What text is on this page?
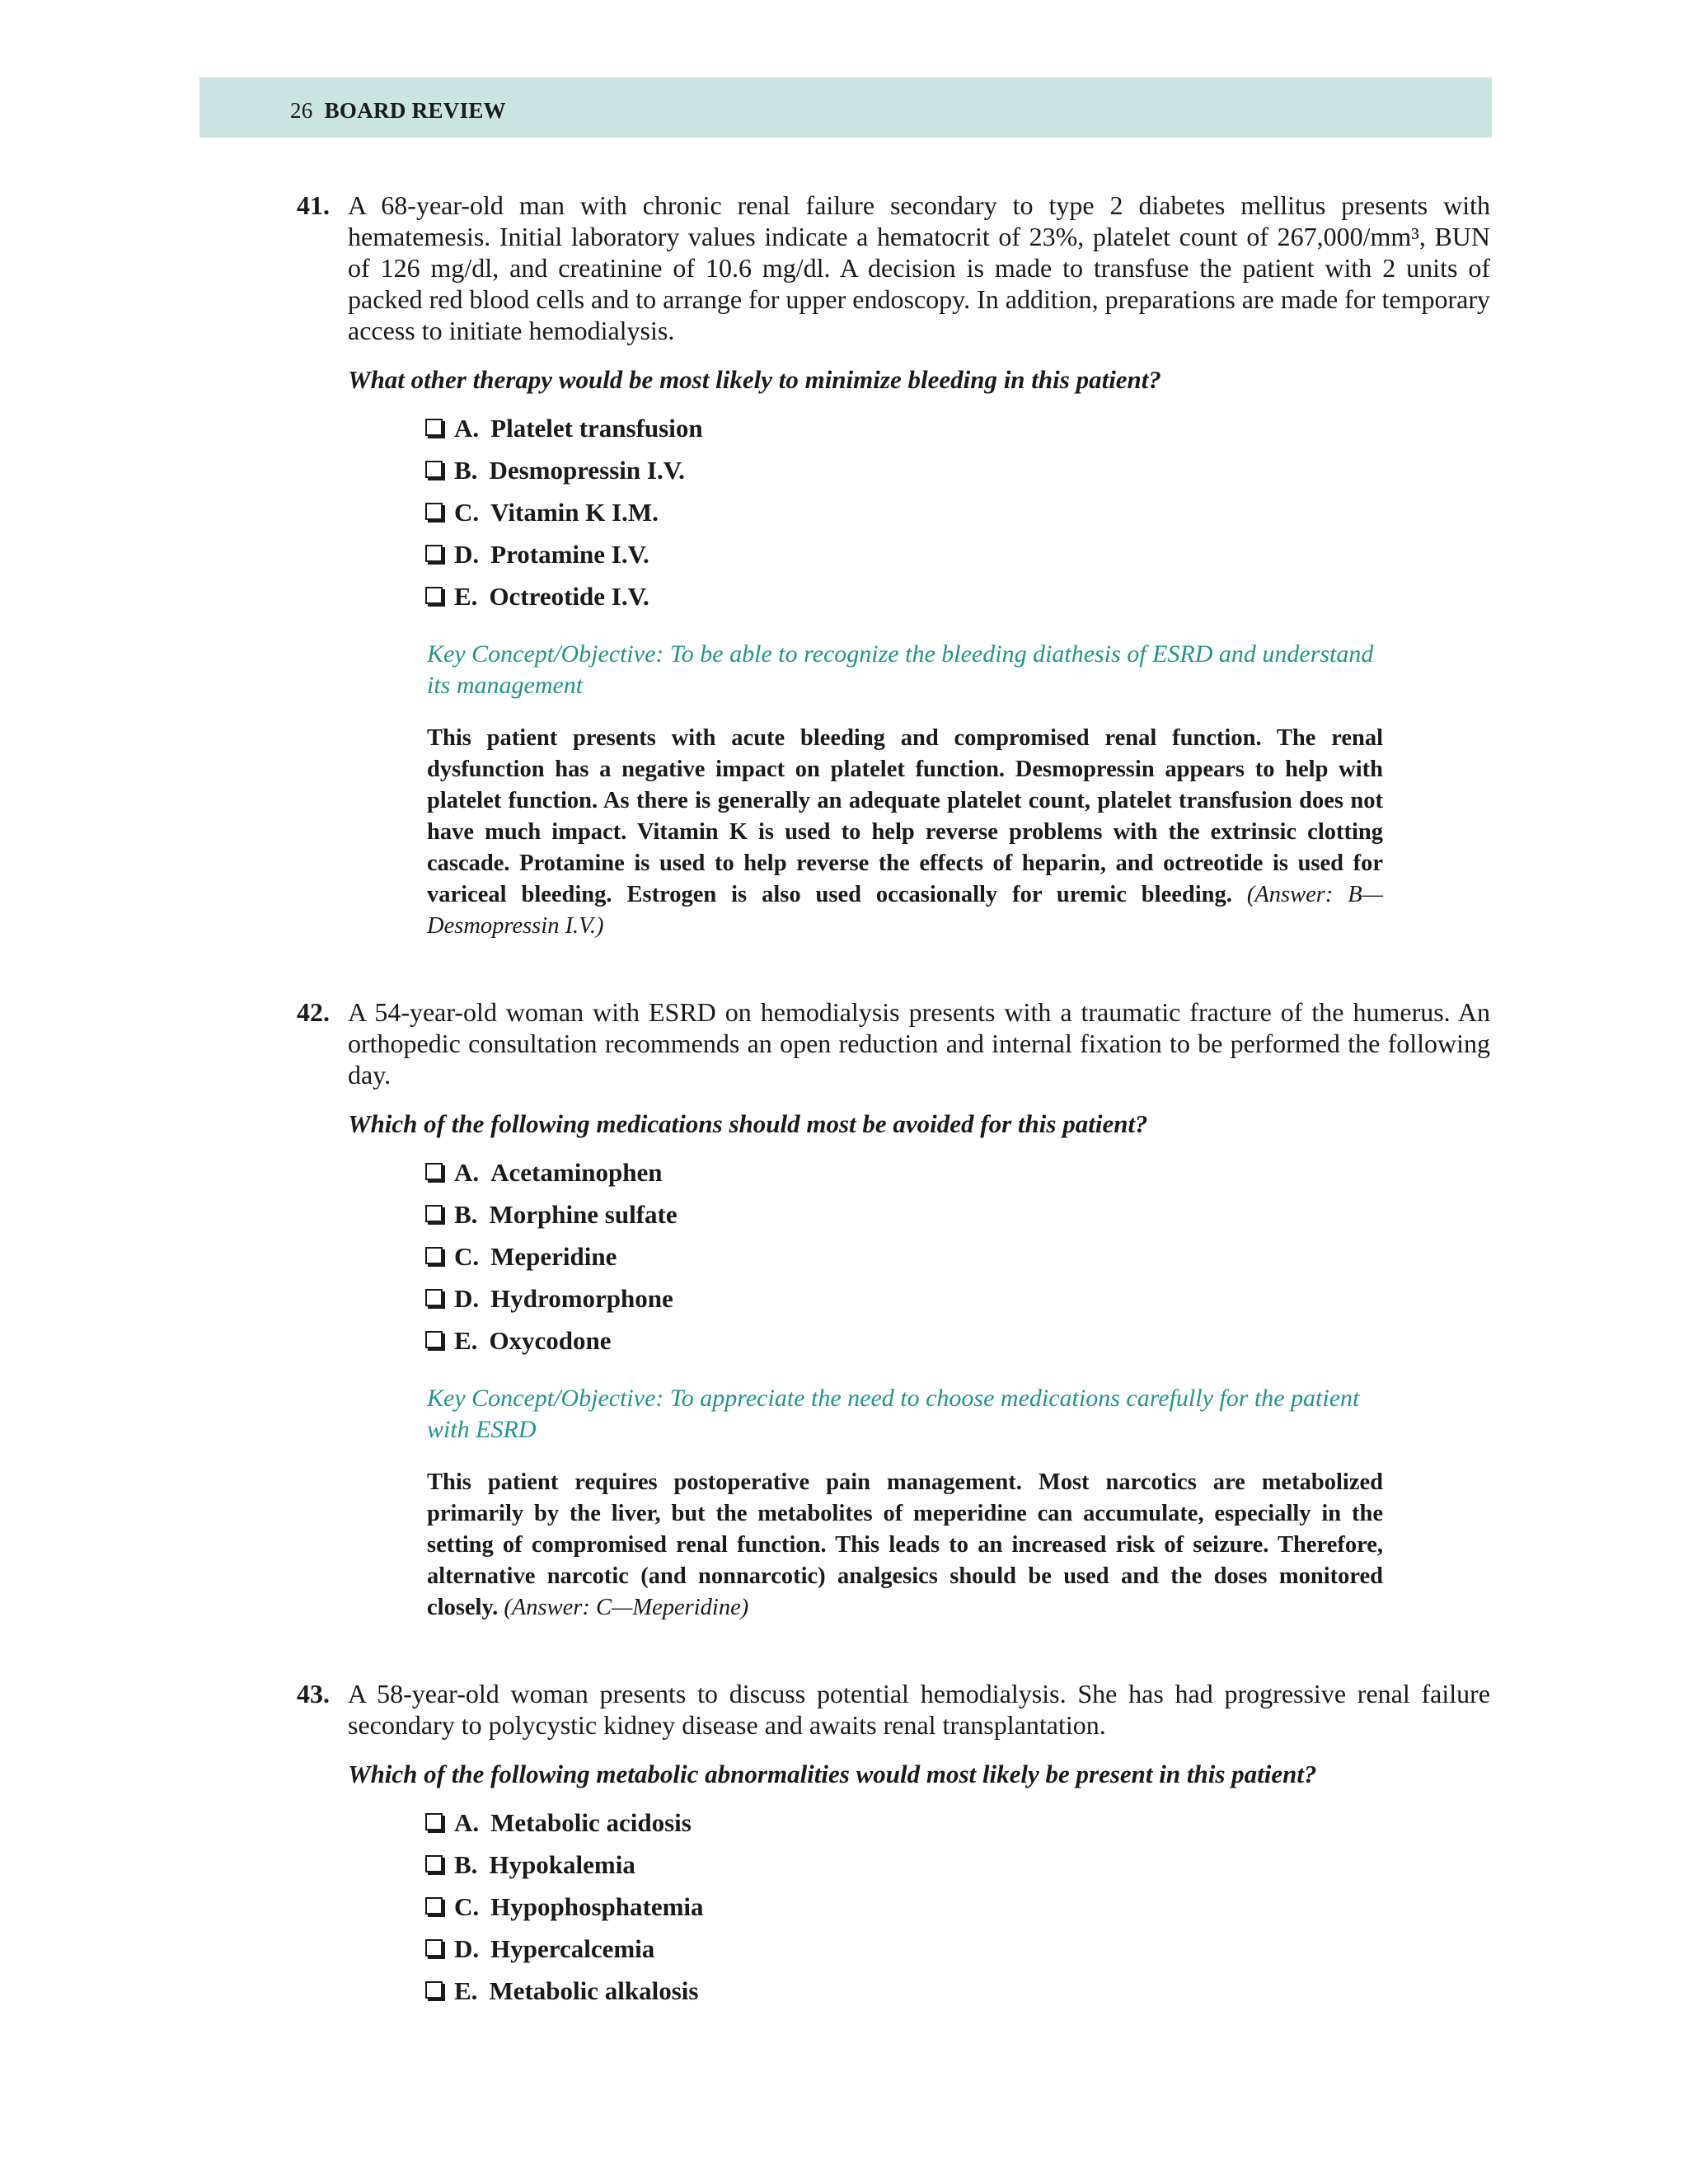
26 BOARD REVIEW
41. A 68-year-old man with chronic renal failure secondary to type 2 diabetes mellitus presents with hematemesis. Initial laboratory values indicate a hematocrit of 23%, platelet count of 267,000/mm³, BUN of 126 mg/dl, and creatinine of 10.6 mg/dl. A decision is made to transfuse the patient with 2 units of packed red blood cells and to arrange for upper endoscopy. In addition, preparations are made for temporary access to initiate hemodialysis.
What other therapy would be most likely to minimize bleeding in this patient?
A. Platelet transfusion
B. Desmopressin I.V.
C. Vitamin K I.M.
D. Protamine I.V.
E. Octreotide I.V.
Key Concept/Objective: To be able to recognize the bleeding diathesis of ESRD and understand its management
This patient presents with acute bleeding and compromised renal function. The renal dysfunction has a negative impact on platelet function. Desmopressin appears to help with platelet function. As there is generally an adequate platelet count, platelet transfusion does not have much impact. Vitamin K is used to help reverse problems with the extrinsic clotting cascade. Protamine is used to help reverse the effects of heparin, and octreotide is used for variceal bleeding. Estrogen is also used occasionally for uremic bleeding. (Answer: B—Desmopressin I.V.)
42. A 54-year-old woman with ESRD on hemodialysis presents with a traumatic fracture of the humerus. An orthopedic consultation recommends an open reduction and internal fixation to be performed the following day.
Which of the following medications should most be avoided for this patient?
A. Acetaminophen
B. Morphine sulfate
C. Meperidine
D. Hydromorphone
E. Oxycodone
Key Concept/Objective: To appreciate the need to choose medications carefully for the patient with ESRD
This patient requires postoperative pain management. Most narcotics are metabolized primarily by the liver, but the metabolites of meperidine can accumulate, especially in the setting of compromised renal function. This leads to an increased risk of seizure. Therefore, alternative narcotic (and nonnarcotic) analgesics should be used and the doses monitored closely. (Answer: C—Meperidine)
43. A 58-year-old woman presents to discuss potential hemodialysis. She has had progressive renal failure secondary to polycystic kidney disease and awaits renal transplantation.
Which of the following metabolic abnormalities would most likely be present in this patient?
A. Metabolic acidosis
B. Hypokalemia
C. Hypophosphatemia
D. Hypercalcemia
E. Metabolic alkalosis
